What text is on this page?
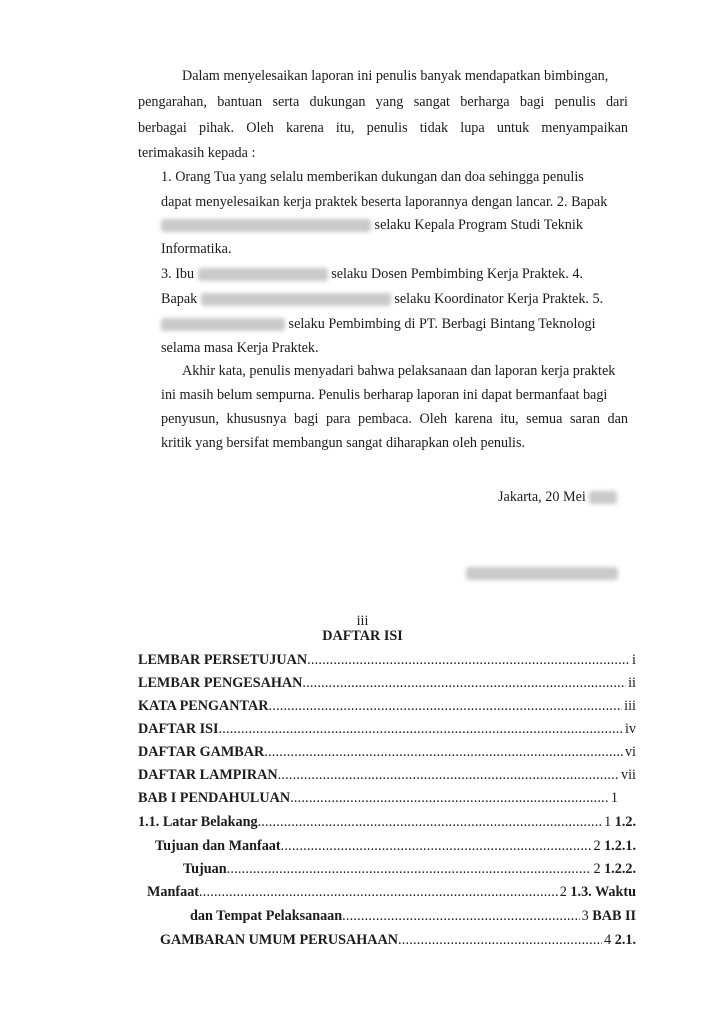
Dalam menyelesaikan laporan ini penulis banyak mendapatkan bimbingan,
pengarahan, bantuan serta dukungan yang sangat berharga bagi penulis dari
berbagai pihak. Oleh karena itu, penulis tidak lupa untuk menyampaikan
terimakasih kepada :
1. Orang Tua yang selalu memberikan dukungan dan doa sehingga penulis
dapat menyelesaikan kerja praktek beserta laporannya dengan lancar. 2. Bapak
selaku Kepala Program Studi Teknik
Informatika.
3. Ibu	selaku Dosen Pembimbing Kerja Praktek. 4.
Bapak	selaku Koordinator Kerja Praktek. 5.
selaku Pembimbing di PT. Berbagi Bintang Teknologi
selama masa Kerja Praktek.
Akhir kata, penulis menyadari bahwa pelaksanaan dan laporan kerja praktek
ini masih belum sempurna. Penulis berharap laporan ini dapat bermanfaat bagi
penyusun, khususnya bagi para pembaca. Oleh karena itu, semua saran dan
kritik yang bersifat membangun sangat diharapkan oleh penulis.
Jakarta, 20 Mei
iii
DAFTAR ISI
LEMBAR PERSETUJUAN .....	i
LEMBAR PENGESAHAN .....	ii
KATA PENGANTAR .....	iii
DAFTAR ISI .....	iv
DAFTAR GAMBAR .....	vi
DAFTAR LAMPIRAN .....	vii
BAB I PENDAHULUAN .....	1
1.1. Latar Belakang .....	1 1.2.
Tujuan dan Manfaat .....	2 1.2.1.
Tujuan .....	2 1.2.2.
Manfaat .....	2 1.3. Waktu
dan Tempat Pelaksanaan .....	3 BAB II
GAMBARAN UMUM PERUSAHAAN .....	4 2.1.
